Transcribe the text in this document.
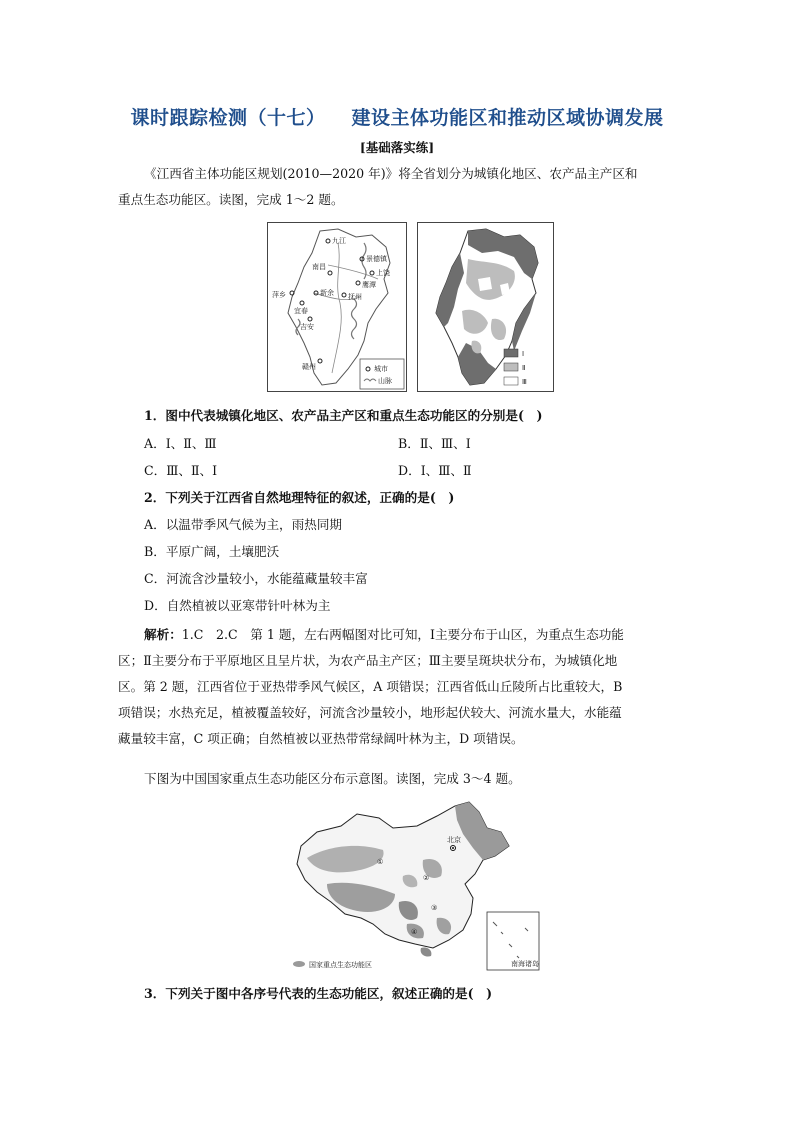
课时跟踪检测（十七） 建设主体功能区和推动区域协调发展
[基础落实练]
《江西省主体功能区规划(2010—2020 年)》将全省划分为城镇化地区、农产品主产区和
重点生态功能区。读图，完成 1～2 题。
九江
景德镇
南昌
上饶
鹰潭
萍乡	新余 抚州
宜春
吉安
赣州	城市
山脉
Ⅰ
Ⅱ
Ⅲ
1．图中代表城镇化地区、农产品主产区和重点生态功能区的分别是(　)
A．Ⅰ、Ⅱ、Ⅲ	B．Ⅱ、Ⅲ、Ⅰ
C．Ⅲ、Ⅱ、Ⅰ	D．Ⅰ、Ⅲ、Ⅱ
2．下列关于江西省自然地理特征的叙述，正确的是(　)
A．以温带季风气候为主，雨热同期
B．平原广阔，土壤肥沃
C．河流含沙量较小，水能蕴藏量较丰富
D．自然植被以亚寒带针叶林为主
解析：1.C　2.C　 第 1 题，左右两幅图对比可知，Ⅰ主要分布于山区，为重点生态功能
区；Ⅱ主要分布于平原地区且呈片状，为农产品主产区；Ⅲ主要呈斑块状分布，为城镇化地
区。第 2 题，江西省位于亚热带季风气候区，A 项错误；江西省低山丘陵所占比重较大，B
项错误；水热充足，植被覆盖较好，河流含沙量较小，地形起伏较大、河流水量大，水能蕴
藏量较丰富，C 项正确；自然植被以亚热带常绿阔叶林为主，D 项错误。
下图为中国国家重点生态功能区分布示意图。读图，完成 3～4 题。
北京
①
②
③
④
南海诸岛
国家重点生态功能区
3．下列关于图中各序号代表的生态功能区，叙述正确的是(　)
